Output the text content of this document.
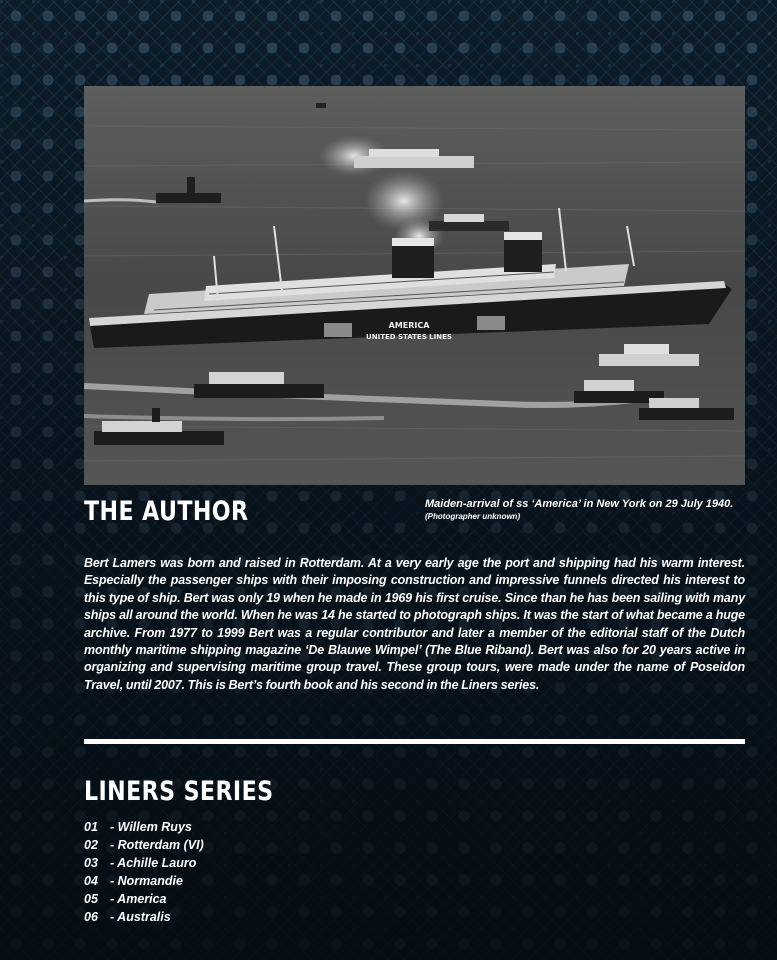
AMERICA
UNITED STATES LINES
THE AUTHOR	Maiden-arrival of ss ‘America’ in New York on 29 July 1940.
(Photographer unknown)

Bert Lamers was born and raised in Rotterdam. At a very early age the port and shipping had his warm interest. Especially the passenger ships with their imposing construction and impressive funnels directed his interest to this type of ship. Bert was only 19 when he made in 1969 his first cruise. Since than he has been sailing with many ships all around the world. When he was 14 he started to photograph ships. It was the start of what became a huge archive. From 1977 to 1999 Bert was a regular contributor and later a member of the editorial staff of the Dutch monthly maritime shipping magazine ‘De Blauwe Wimpel’ (The Blue Riband). Bert was also for 20 years active in organizing and supervising maritime group travel. These group tours, were made under the name of Poseidon Travel, until 2007. This is Bert’s fourth book and his second in the Liners series.

LINERS SERIES
01 - Willem Ruys
02 - Rotterdam (VI)
03 - Achille Lauro
04 - Normandie
05 - America
06 - Australis
